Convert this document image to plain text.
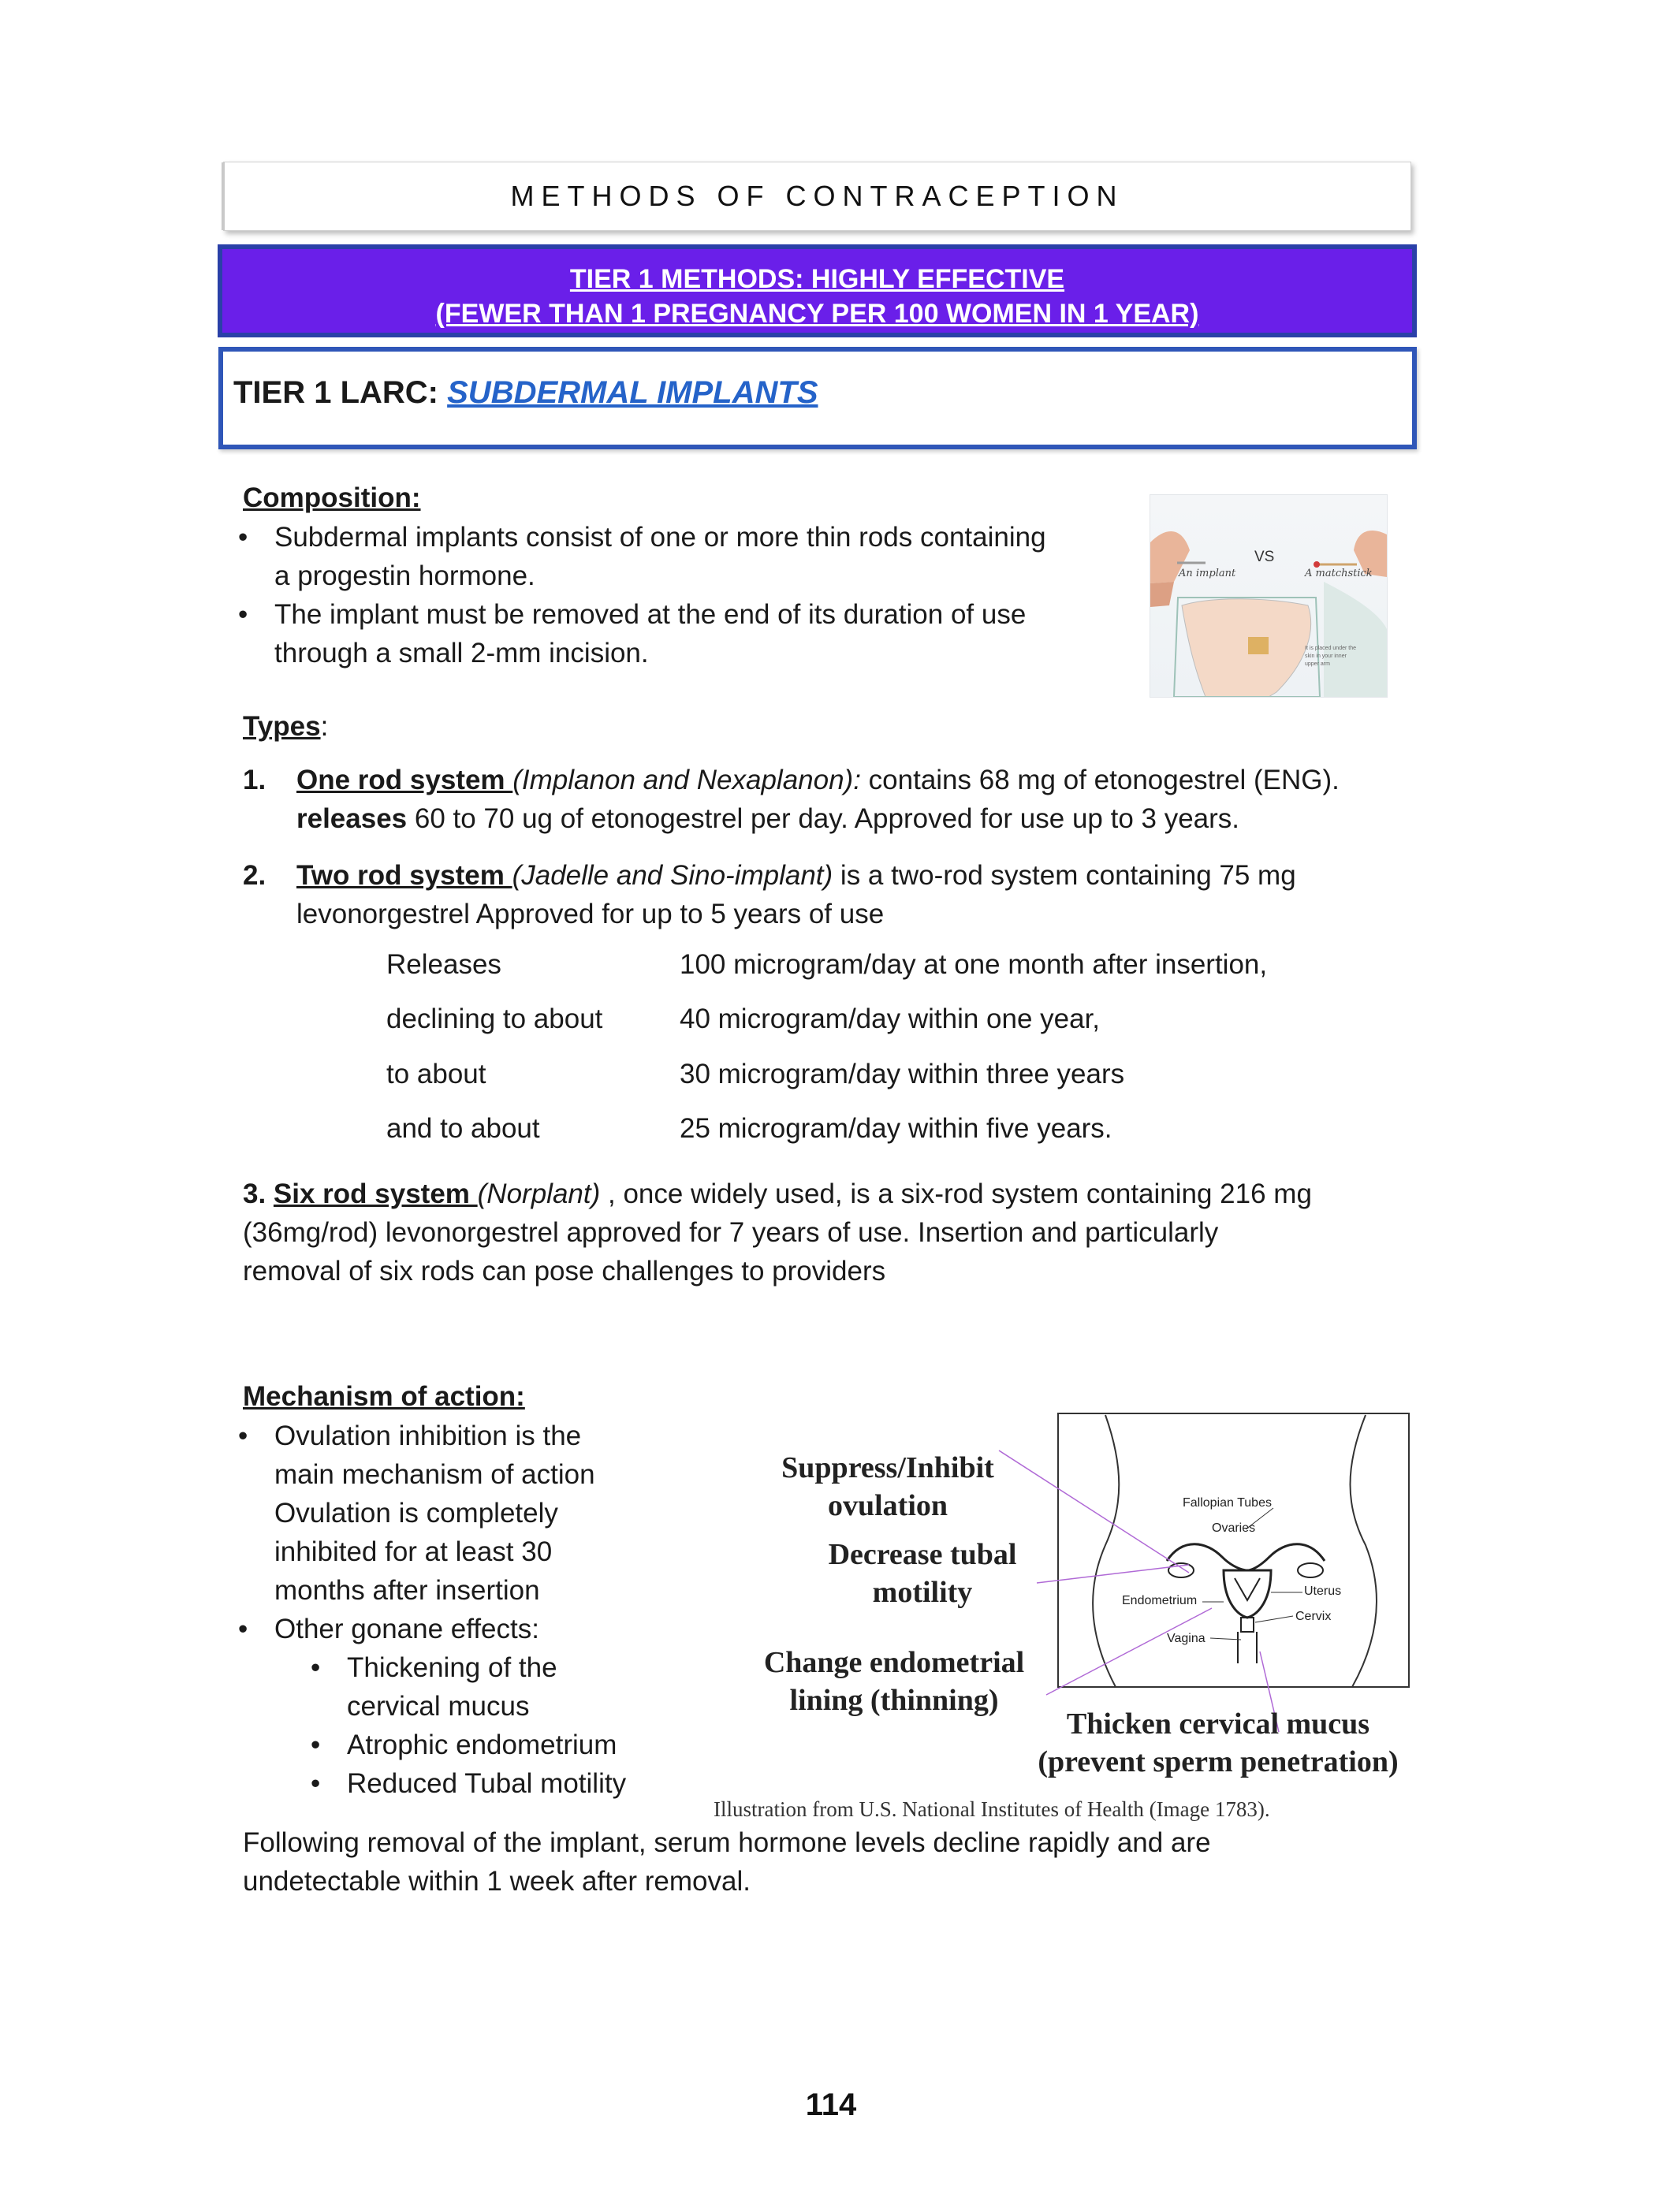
METHODS OF CONTRACEPTION
TIER 1 METHODS: HIGHLY EFFECTIVE
(FEWER THAN 1 PREGNANCY PER 100 WOMEN IN 1 YEAR)
TIER 1 LARC: SUBDERMAL IMPLANTS
Composition:
• Subdermal implants consist of one or more thin rods containing a progestin hormone.
• The implant must be removed at the end of its duration of use through a small 2-mm incision.
An implant
VS
A matchstick
It is placed under the skin in your inner upper arm
Types:
1. One rod system (Implanon and Nexaplanon): contains 68 mg of etonogestrel (ENG).
releases 60 to 70 ug of etonogestrel per day. Approved for use up to 3 years.
2. Two rod system (Jadelle and Sino-implant) is a two-rod system containing 75 mg
levonorgestrel Approved for up to 5 years of use
Releases	100 microgram/day at one month after insertion,
declining to about	40 microgram/day within one year,
to about	30 microgram/day within three years
and to about	25 microgram/day within five years.
3. Six rod system (Norplant) , once widely used, is a six-rod system containing 216 mg
(36mg/rod) levonorgestrel approved for 7 years of use. Insertion and particularly
removal of six rods can pose challenges to providers
Mechanism of action:
• Ovulation inhibition is the
main mechanism of action
Ovulation is completely
inhibited for at least 30
months after insertion
• Other gonane effects:
• Thickening of the
cervical mucus
• Atrophic endometrium
• Reduced Tubal motility
Suppress/Inhibit
ovulation
Decrease tubal
motility
Change endometrial
lining (thinning)
Thicken cervical mucus
(prevent sperm penetration)
Fallopian Tubes
Ovaries
Endometrium
Uterus
Cervix
Vagina
Illustration from U.S. National Institutes of Health (Image 1783).
Following removal of the implant, serum hormone levels decline rapidly and are
undetectable within 1 week after removal.
114
